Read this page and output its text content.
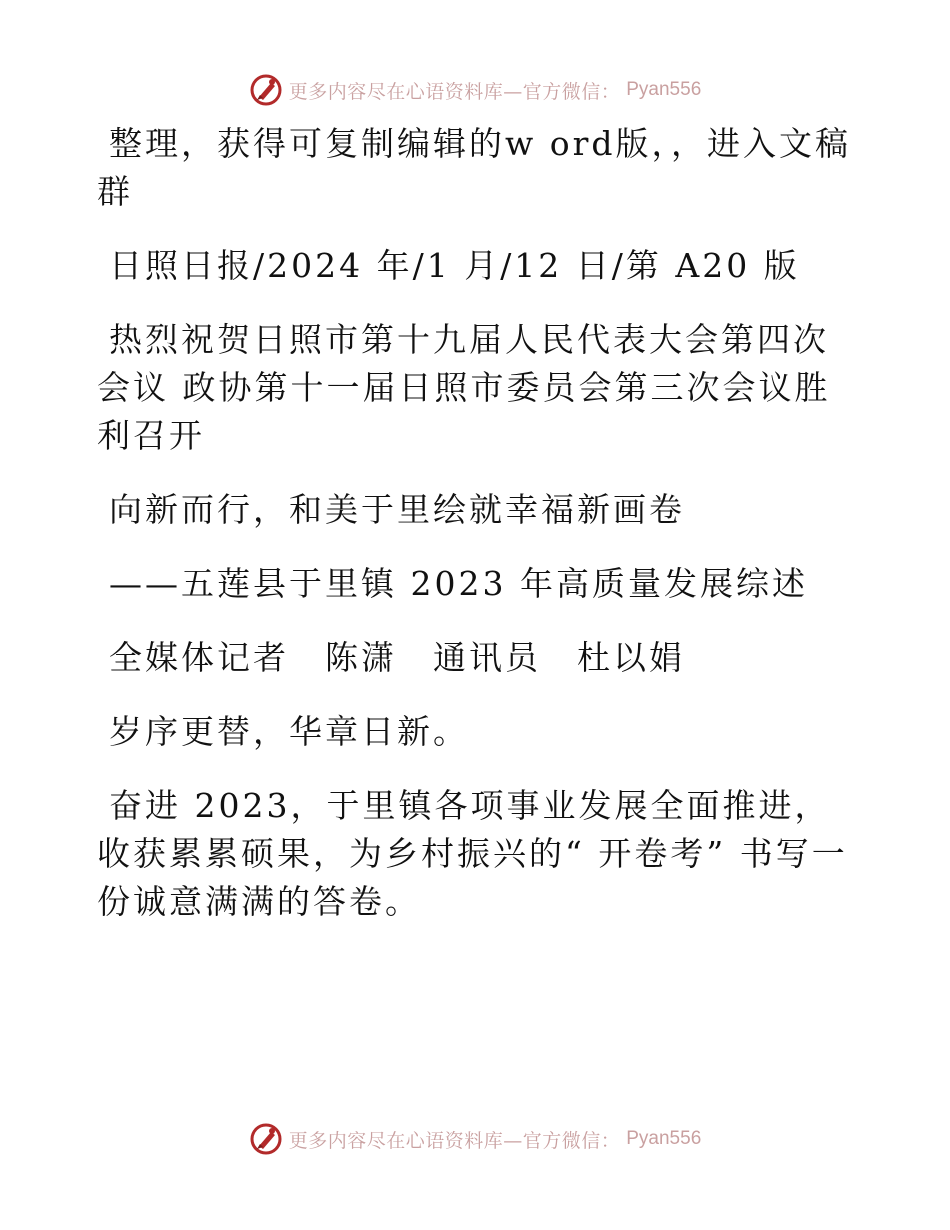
更多内容尽在心语资料库—官方微信： Pyan556

整理，获得可复制编辑的w ord版，，进入文稿群

日照日报/2024 年/1 月/12 日/第 A20 版

热烈祝贺日照市第十九届人民代表大会第四次会议 政协第十一届日照市委员会第三次会议胜利召开

向新而行，和美于里绘就幸福新画卷

——五莲县于里镇 2023 年高质量发展综述

全媒体记者　陈潇　通讯员　杜以娟

岁序更替，华章日新。

奋进 2023，于里镇各项事业发展全面推进，收获累累硕果，为乡村振兴的“ 开卷考” 书写一份诚意满满的答卷。

更多内容尽在心语资料库—官方微信： Pyan556
